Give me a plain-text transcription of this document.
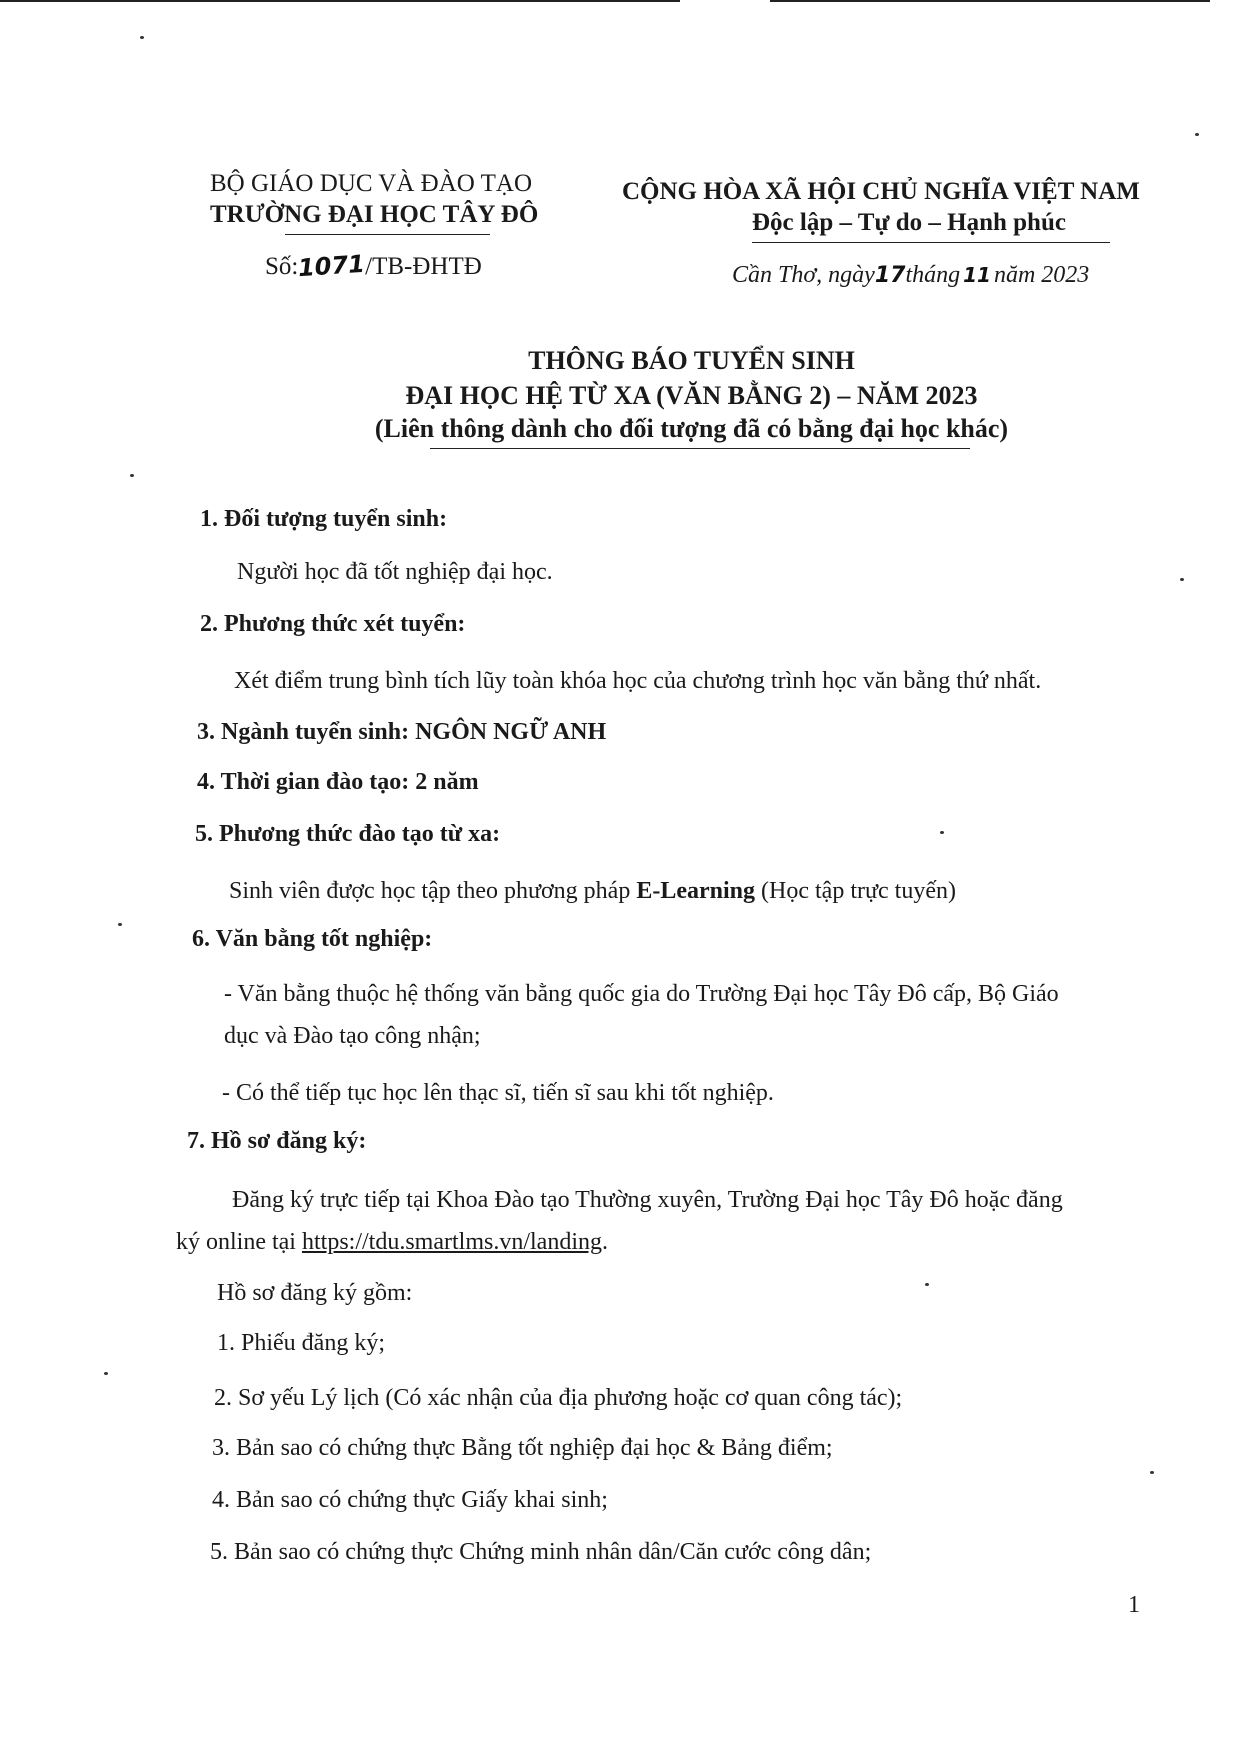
BỘ GIÁO DỤC VÀ ĐÀO TẠO
TRƯỜNG ĐẠI HỌC TÂY ĐÔ
Số:1071/TB-ĐHTĐ
CỘNG HÒA XÃ HỘI CHỦ NGHĨA VIỆT NAM
Độc lập – Tự do – Hạnh phúc
Cần Thơ, ngày17tháng 11 năm 2023
THÔNG BÁO TUYỂN SINH
ĐẠI HỌC HỆ TỪ XA (VĂN BẰNG 2) – NĂM 2023
(Liên thông dành cho đối tượng đã có bằng đại học khác)
1. Đối tượng tuyển sinh:
Người học đã tốt nghiệp đại học.
2. Phương thức xét tuyển:
Xét điểm trung bình tích lũy toàn khóa học của chương trình học văn bằng thứ nhất.
3. Ngành tuyển sinh: NGÔN NGỮ ANH
4. Thời gian đào tạo: 2 năm
5. Phương thức đào tạo từ xa:
Sinh viên được học tập theo phương pháp E-Learning (Học tập trực tuyến)
6. Văn bằng tốt nghiệp:
- Văn bằng thuộc hệ thống văn bằng quốc gia do Trường Đại học Tây Đô cấp, Bộ Giáo
dục và Đào tạo công nhận;
- Có thể tiếp tục học lên thạc sĩ, tiến sĩ sau khi tốt nghiệp.
7. Hồ sơ đăng ký:
Đăng ký trực tiếp tại Khoa Đào tạo Thường xuyên, Trường Đại học Tây Đô hoặc đăng
ký online tại https://tdu.smartlms.vn/landing.
Hồ sơ đăng ký gồm:
1. Phiếu đăng ký;
2. Sơ yếu Lý lịch (Có xác nhận của địa phương hoặc cơ quan công tác);
3. Bản sao có chứng thực Bằng tốt nghiệp đại học & Bảng điểm;
4. Bản sao có chứng thực Giấy khai sinh;
5. Bản sao có chứng thực Chứng minh nhân dân/Căn cước công dân;
1
